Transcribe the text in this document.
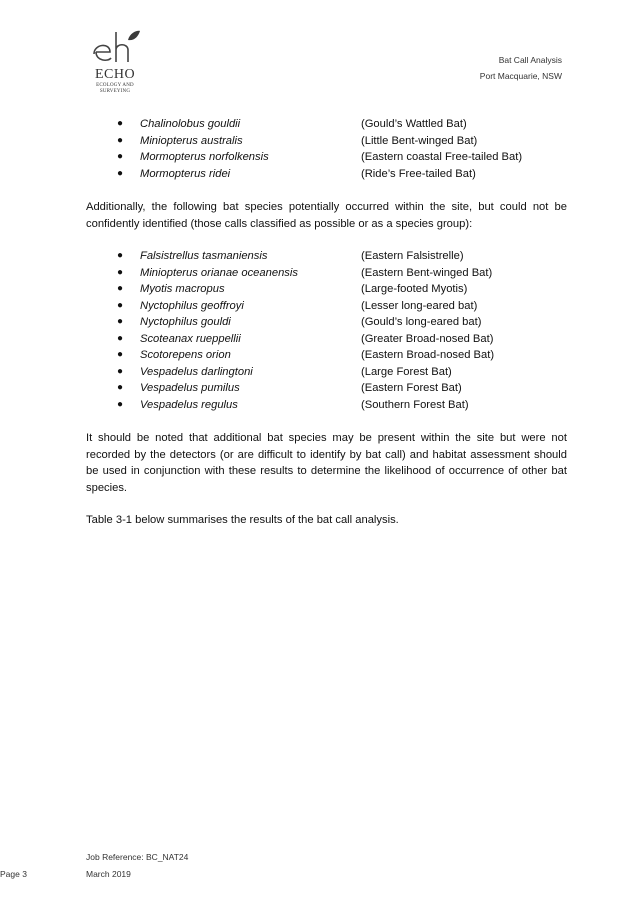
ECHO
ECOLOGY AND
SURVEYING
Bat Call Analysis
Port Macquarie, NSW
● Chalinolobus gouldii	(Gould’s Wattled Bat)
● Miniopterus australis	(Little Bent-winged Bat)
● Mormopterus norfolkensis	(Eastern coastal Free-tailed Bat)
● Mormopterus ridei	(Ride’s Free-tailed Bat)

Additionally, the following bat species potentially occurred within the site, but could not be confidently identified (those calls classified as possible or as a species group):

● Falsistrellus tasmaniensis	(Eastern Falsistrelle)
● Miniopterus orianae oceanensis	(Eastern Bent-winged Bat)
● Myotis macropus	(Large-footed Myotis)
● Nyctophilus geoffroyi	(Lesser long-eared bat)
● Nyctophilus gouldi	(Gould’s long-eared bat)
● Scoteanax rueppellii	(Greater Broad-nosed Bat)
● Scotorepens orion	(Eastern Broad-nosed Bat)
● Vespadelus darlingtoni	(Large Forest Bat)
● Vespadelus pumilus	(Eastern Forest Bat)
● Vespadelus regulus	(Southern Forest Bat)

It should be noted that additional bat species may be present within the site but were not recorded by the detectors (or are difficult to identify by bat call) and habitat assessment should be used in conjunction with these results to determine the likelihood of occurrence of other bat species.

Table 3-1 below summarises the results of the bat call analysis.

Job Reference: BC_NAT24
March 2019
Page 3
